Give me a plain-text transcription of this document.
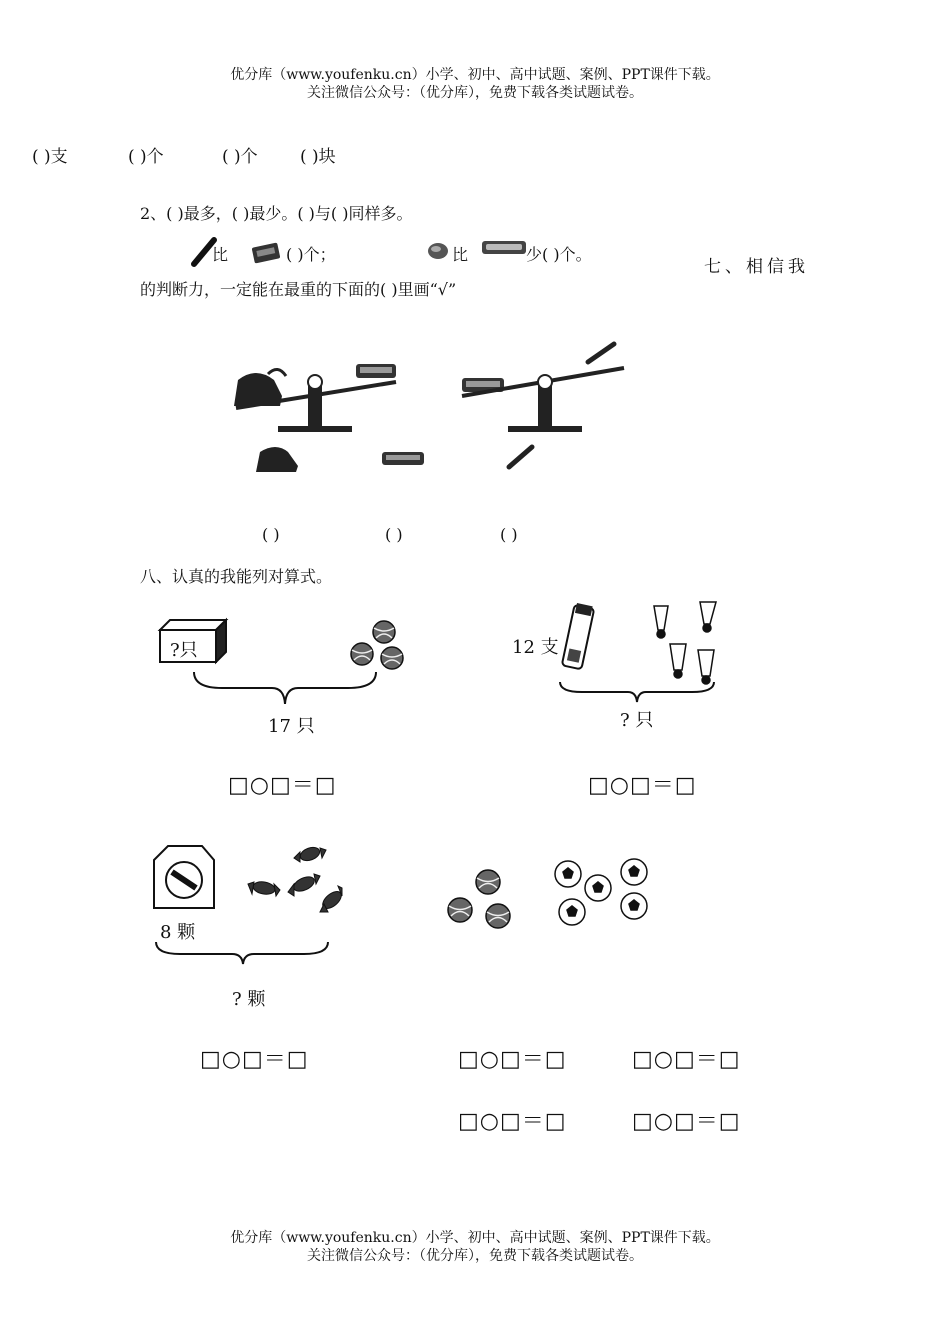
优分库（www.youfenku.cn）小学、初中、高中试题、案例、PPT课件下载。
关注微信公众号：（优分库），免费下载各类试题试卷。
( )支	( )个	( )个 ( )块
2、( )最多，( )最少。( )与( )同样多。
比	( )个；	比	少( )个。
七、相信我
的判断力，一定能在最重的下面的( )里画“√”
( )	( )	( )
八、认真的我能列对算式。
?只
17 只
□○□＝□
12 支
? 只
□○□＝□
8 颗
? 颗
□○□＝□	□○□＝□	□○□＝□
□○□＝□	□○□＝□
优分库（www.youfenku.cn）小学、初中、高中试题、案例、PPT课件下载。
关注微信公众号：（优分库），免费下载各类试题试卷。
